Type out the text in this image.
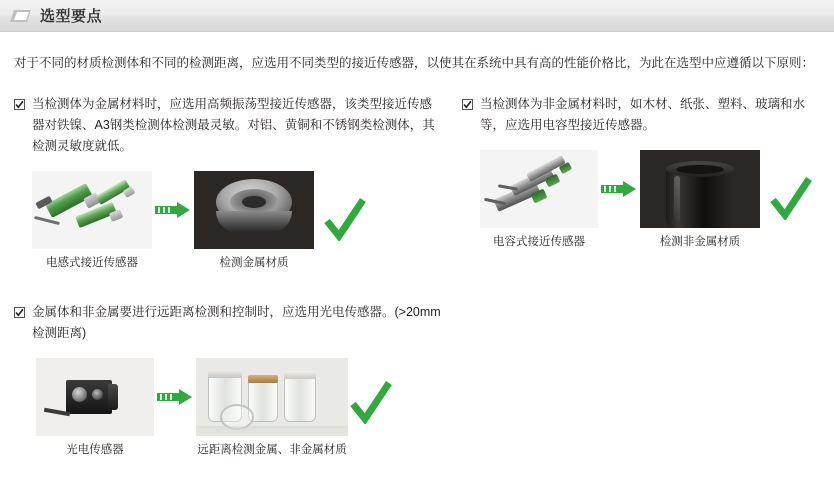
选型要点
对于不同的材质检测体和不同的检测距离，应选用不同类型的接近传感器，以使其在系统中具有高的性能价格比，为此在选型中应遵循以下原则：
当检测体为金属材料时，应选用高频振荡型接近传感器，该类型接近传感器对铁镍、A3钢类检测体检测最灵敏。对铝、黄铜和不锈钢类检测体，其检测灵敏度就低。
电感式接近传感器	检测金属材质
金属体和非金属要进行远距离检测和控制时，应选用光电传感器。(>20mm检测距离)
光电传感器	远距离检测金属、非金属材质
当检测体为非金属材料时，如木材、纸张、塑料、玻璃和水等，应选用电容型接近传感器。
电容式接近传感器	检测非金属材质
